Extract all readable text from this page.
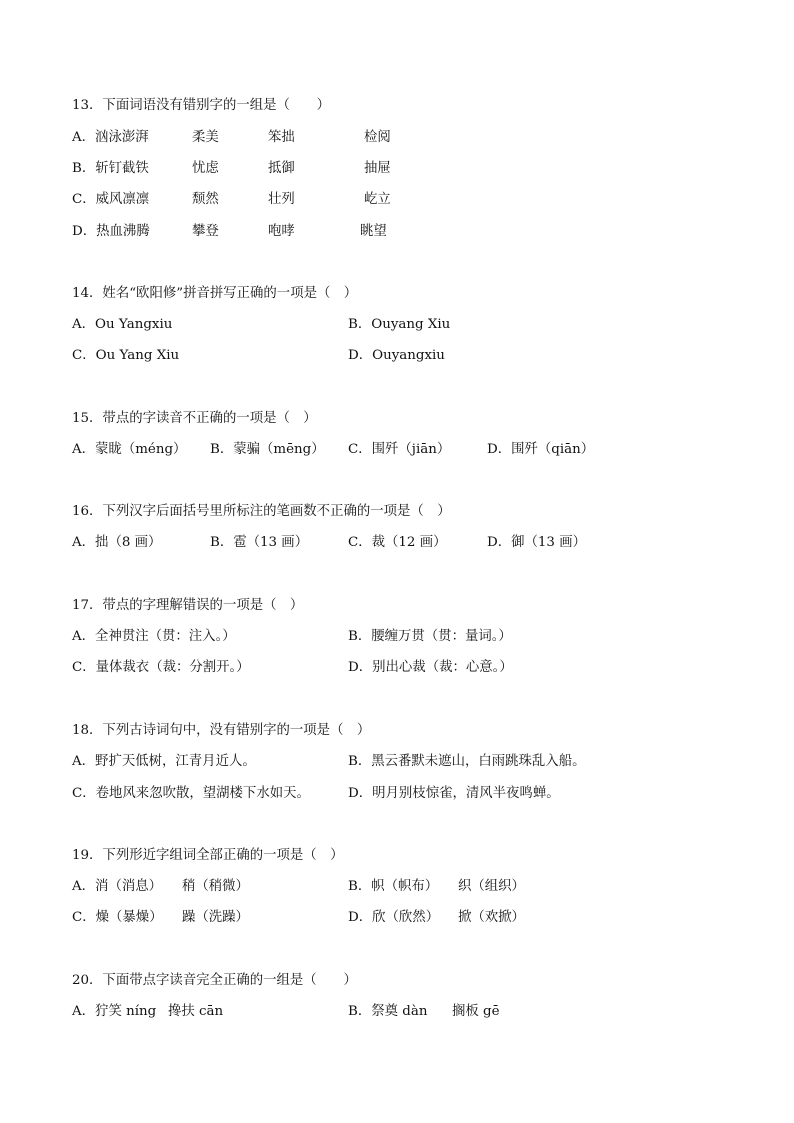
13．下面词语没有错别字的一组是（　　）
A．汹泳澎湃	柔美	笨拙	检阅
B．斩钉截铁	忧虑	抵御	抽屉
C．威风凛凛	颓然	壮列	屹立
D．热血沸腾	攀登	咆哮	眺望
14．姓名“欧阳修”拼音拼写正确的一项是（　）
A．Ou Yangxiu	B．Ouyang Xiu
C．Ou Yang Xiu	D．Ouyangxiu
15．带点的字读音不正确的一项是（　）
A．蒙眬（méng） B．蒙骗（mēng） C．围歼（jiān）	D．围歼（qiān）
16．下列汉字后面括号里所标注的笔画数不正确的一项是（　）
A．拙（8 画）	B．雹（13 画）	C．裁（12 画）	D．御（13 画）
17．带点的字理解错误的一项是（　）
A．全神贯注（贯：注入。）	B．腰缠万贯（贯：量词。）
C．量体裁衣（裁：分割开。）	D．别出心裁（裁：心意。）
18．下列古诗词句中，没有错别字的一项是（　）
A．野扩天低树，江青月近人。	B．黑云番默未遮山，白雨跳珠乱入船。
C．卷地风来忽吹散，望湖楼下水如天。	D．明月别枝惊雀，清风半夜鸣蝉。
19．下列形近字组词全部正确的一项是（　）
A．消（消息） 稍（稍微）	B．帜（帜布） 织（组织）
C．燥（暴燥） 躁（洗躁）	D．欣（欣然） 掀（欢掀）
20．下面带点字读音完全正确的一组是（　　）
A．狞笑 níng 搀扶 cān	B．祭奠 dàn 搁板 gē
